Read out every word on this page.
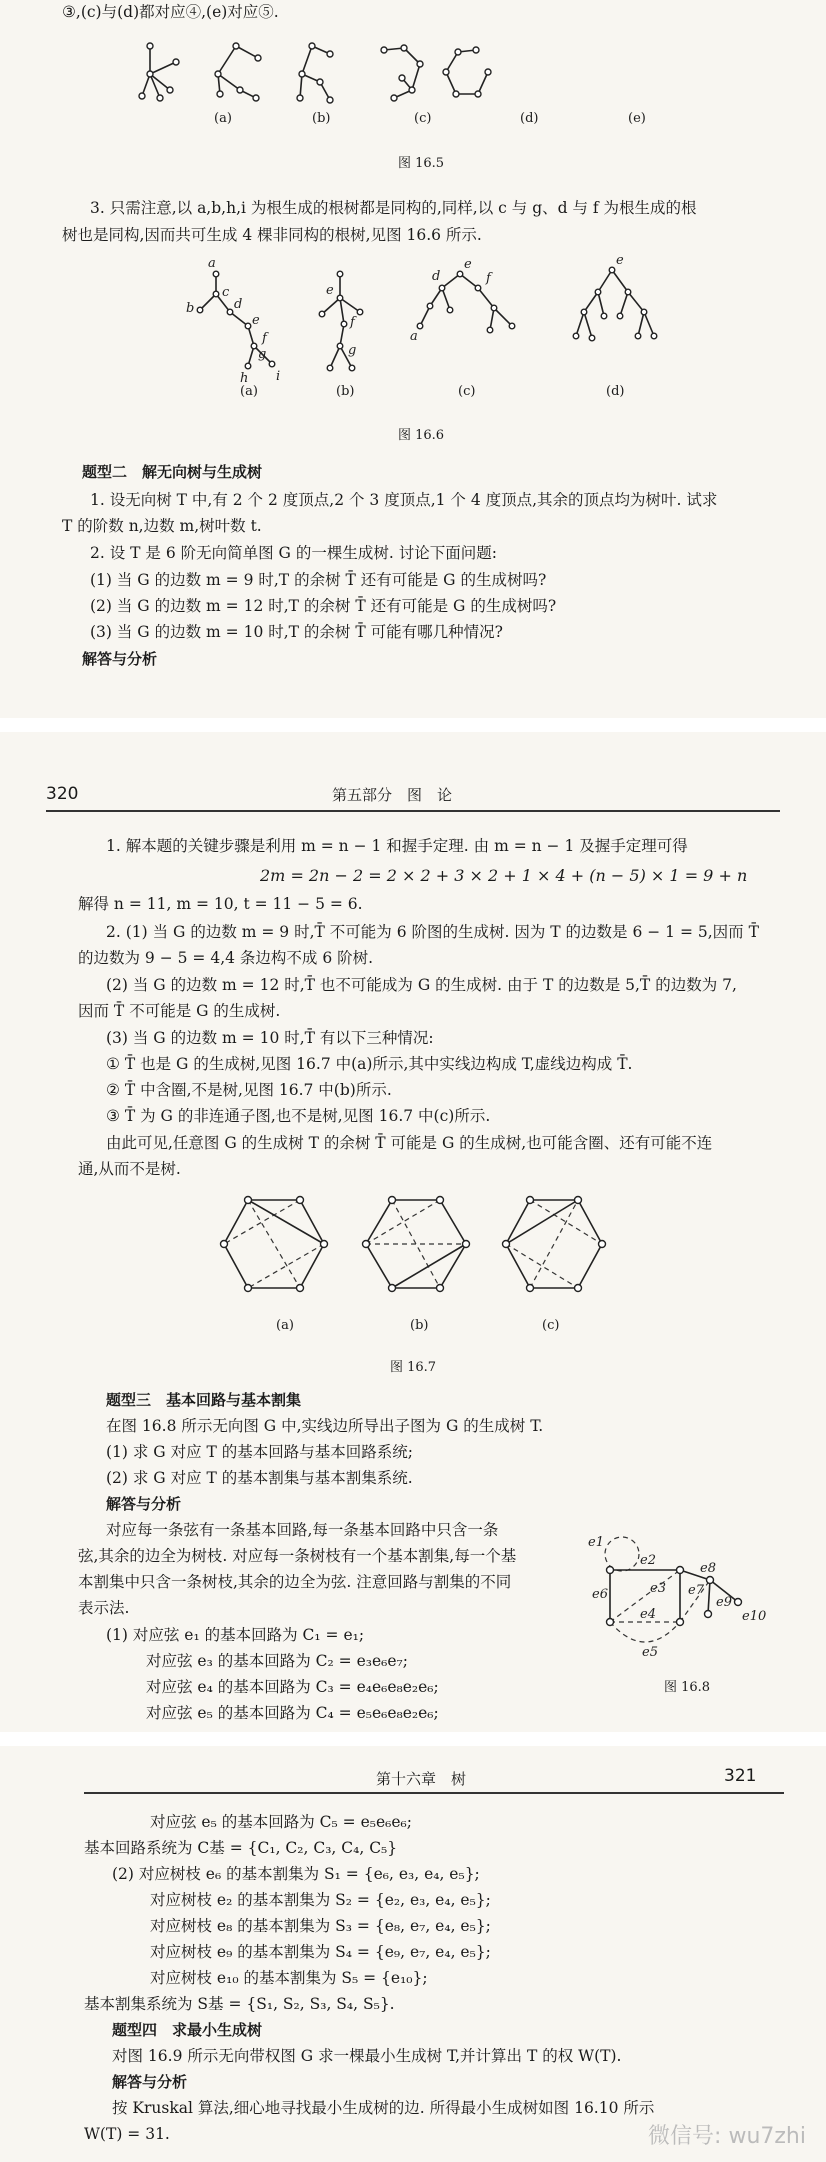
③,(c)与(d)都对应④,(e)对应⑤.
(a)	(b)	(c)	(d)	(e)
图 16.5
3. 只需注意,以 a,b,h,i 为根生成的根树都是同构的,同样,以 c 与 g、d 与 f 为根生成的根
树也是同构,因而共可生成 4 棵非同构的根树,见图 16.6 所示.
a
b
c
d
e
f
g
h i
e
f
g
d
e
f
a
e
(a)	(b)	(c)	(d)
图 16.6
题型二　解无向树与生成树
1. 设无向树 T 中,有 2 个 2 度顶点,2 个 3 度顶点,1 个 4 度顶点,其余的顶点均为树叶. 试求
T 的阶数 n,边数 m,树叶数 t.
2. 设 T 是 6 阶无向简单图 G 的一棵生成树. 讨论下面问题:
(1) 当 G 的边数 m = 9 时,T 的余树 T̄ 还有可能是 G 的生成树吗?
(2) 当 G 的边数 m = 12 时,T 的余树 T̄ 还有可能是 G 的生成树吗?
(3) 当 G 的边数 m = 10 时,T 的余树 T̄ 可能有哪几种情况?
解答与分析
320	第五部分　图　论
1. 解本题的关键步骤是利用 m = n − 1 和握手定理. 由 m = n − 1 及握手定理可得
2m = 2n − 2 = 2 × 2 + 3 × 2 + 1 × 4 + (n − 5) × 1 = 9 + n
解得 n = 11, m = 10, t = 11 − 5 = 6.
2. (1) 当 G 的边数 m = 9 时,T̄ 不可能为 6 阶图的生成树. 因为 T 的边数是 6 − 1 = 5,因而 T̄
的边数为 9 − 5 = 4,4 条边构不成 6 阶树.
(2) 当 G 的边数 m = 12 时,T̄ 也不可能成为 G 的生成树. 由于 T 的边数是 5,T̄ 的边数为 7,
因而 T̄ 不可能是 G 的生成树.
(3) 当 G 的边数 m = 10 时,T̄ 有以下三种情况:
① T̄ 也是 G 的生成树,见图 16.7 中(a)所示,其中实线边构成 T,虚线边构成 T̄.
② T̄ 中含圈,不是树,见图 16.7 中(b)所示.
③ T̄ 为 G 的非连通子图,也不是树,见图 16.7 中(c)所示.
由此可见,任意图 G 的生成树 T 的余树 T̄ 可能是 G 的生成树,也可能含圈、还有可能不连
通,从而不是树.
(a)	(b)	(c)
图 16.7
题型三　基本回路与基本割集
在图 16.8 所示无向图 G 中,实线边所导出子图为 G 的生成树 T.
(1) 求 G 对应 T 的基本回路与基本回路系统;
(2) 求 G 对应 T 的基本割集与基本割集系统.
解答与分析
对应每一条弦有一条基本回路,每一条基本回路中只含一条
弦,其余的边全为树枝. 对应每一条树枝有一个基本割集,每一个基
本割集中只含一条树枝,其余的边全为弦. 注意回路与割集的不同
表示法.
(1) 对应弦 e₁ 的基本回路为 C₁ = e₁;
对应弦 e₃ 的基本回路为 C₂ = e₃e₆e₇;
对应弦 e₄ 的基本回路为 C₃ = e₄e₆e₈e₂e₆;
对应弦 e₅ 的基本回路为 C₄ = e₅e₆e₈e₂e₆;
e1
e2
e3
e4
e5
e6	e7
e8
e9
e10
图 16.8
第十六章　树	321
对应弦 e₅ 的基本回路为 C₅ = e₅e₆e₆;
基本回路系统为 C基 = {C₁, C₂, C₃, C₄, C₅}
(2) 对应树枝 e₆ 的基本割集为 S₁ = {e₆, e₃, e₄, e₅};
对应树枝 e₂ 的基本割集为 S₂ = {e₂, e₃, e₄, e₅};
对应树枝 e₈ 的基本割集为 S₃ = {e₈, e₇, e₄, e₅};
对应树枝 e₉ 的基本割集为 S₄ = {e₉, e₇, e₄, e₅};
对应树枝 e₁₀ 的基本割集为 S₅ = {e₁₀};
基本割集系统为 S基 = {S₁, S₂, S₃, S₄, S₅}.
题型四　求最小生成树
对图 16.9 所示无向带权图 G 求一棵最小生成树 T,并计算出 T 的权 W(T).
解答与分析
按 Kruskal 算法,细心地寻找最小生成树的边. 所得最小生成树如图 16.10 所示
W(T) = 31.	微信号: wu7zhi
